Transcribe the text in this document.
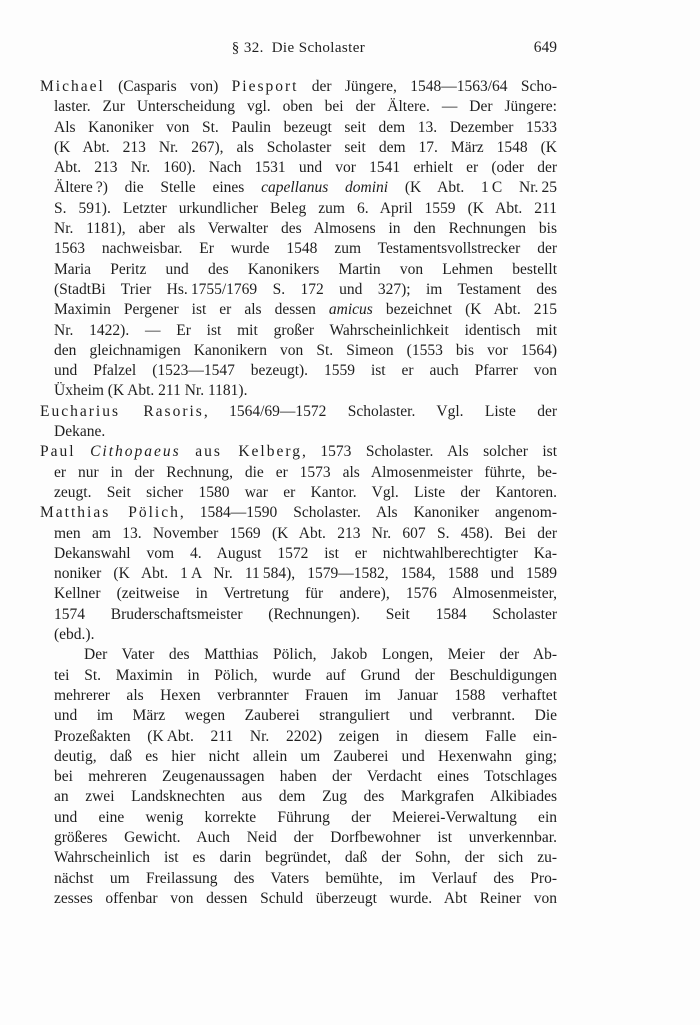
§ 32. Die Scholaster	649
Michael (Casparis von) Piesport der Jüngere, 1548—1563/64 Scho-
laster. Zur Unterscheidung vgl. oben bei der Ältere. — Der Jüngere:
Als Kanoniker von St. Paulin bezeugt seit dem 13. Dezember 1533
(K Abt. 213 Nr. 267), als Scholaster seit dem 17. März 1548 (K
Abt. 213 Nr. 160). Nach 1531 und vor 1541 erhielt er (oder der
Ältere ?) die Stelle eines capellanus domini (K Abt. 1 C Nr. 25
S. 591). Letzter urkundlicher Beleg zum 6. April 1559 (K Abt. 211
Nr. 1181), aber als Verwalter des Almosens in den Rechnungen bis
1563 nachweisbar. Er wurde 1548 zum Testamentsvollstrecker der
Maria Peritz und des Kanonikers Martin von Lehmen bestellt
(StadtBi Trier Hs. 1755/1769 S. 172 und 327); im Testament des
Maximin Pergener ist er als dessen amicus bezeichnet (K Abt. 215
Nr. 1422). — Er ist mit großer Wahrscheinlichkeit identisch mit
den gleichnamigen Kanonikern von St. Simeon (1553 bis vor 1564)
und Pfalzel (1523—1547 bezeugt). 1559 ist er auch Pfarrer von
Üxheim (K Abt. 211 Nr. 1181).
Eucharius Rasoris, 1564/69—1572 Scholaster. Vgl. Liste der
Dekane.
Paul Cithopaeus aus Kelberg, 1573 Scholaster. Als solcher ist
er nur in der Rechnung, die er 1573 als Almosenmeister führte, be-
zeugt. Seit sicher 1580 war er Kantor. Vgl. Liste der Kantoren.
Matthias Pölich, 1584—1590 Scholaster. Als Kanoniker angenom-
men am 13. November 1569 (K Abt. 213 Nr. 607 S. 458). Bei der
Dekanswahl vom 4. August 1572 ist er nichtwahlberechtigter Ka-
noniker (K Abt. 1 A Nr. 11 584), 1579—1582, 1584, 1588 und 1589
Kellner (zeitweise in Vertretung für andere), 1576 Almosenmeister,
1574 Bruderschaftsmeister (Rechnungen). Seit 1584 Scholaster
(ebd.).
Der Vater des Matthias Pölich, Jakob Longen, Meier der Ab-
tei St. Maximin in Pölich, wurde auf Grund der Beschuldigungen
mehrerer als Hexen verbrannter Frauen im Januar 1588 verhaftet
und im März wegen Zauberei stranguliert und verbrannt. Die
Prozeßakten (K Abt. 211 Nr. 2202) zeigen in diesem Falle ein-
deutig, daß es hier nicht allein um Zauberei und Hexenwahn ging;
bei mehreren Zeugenaussagen haben der Verdacht eines Totschlages
an zwei Landsknechten aus dem Zug des Markgrafen Alkibiades
und eine wenig korrekte Führung der Meierei-Verwaltung ein
größeres Gewicht. Auch Neid der Dorfbewohner ist unverkennbar.
Wahrscheinlich ist es darin begründet, daß der Sohn, der sich zu-
nächst um Freilassung des Vaters bemühte, im Verlauf des Pro-
zesses offenbar von dessen Schuld überzeugt wurde. Abt Reiner von
